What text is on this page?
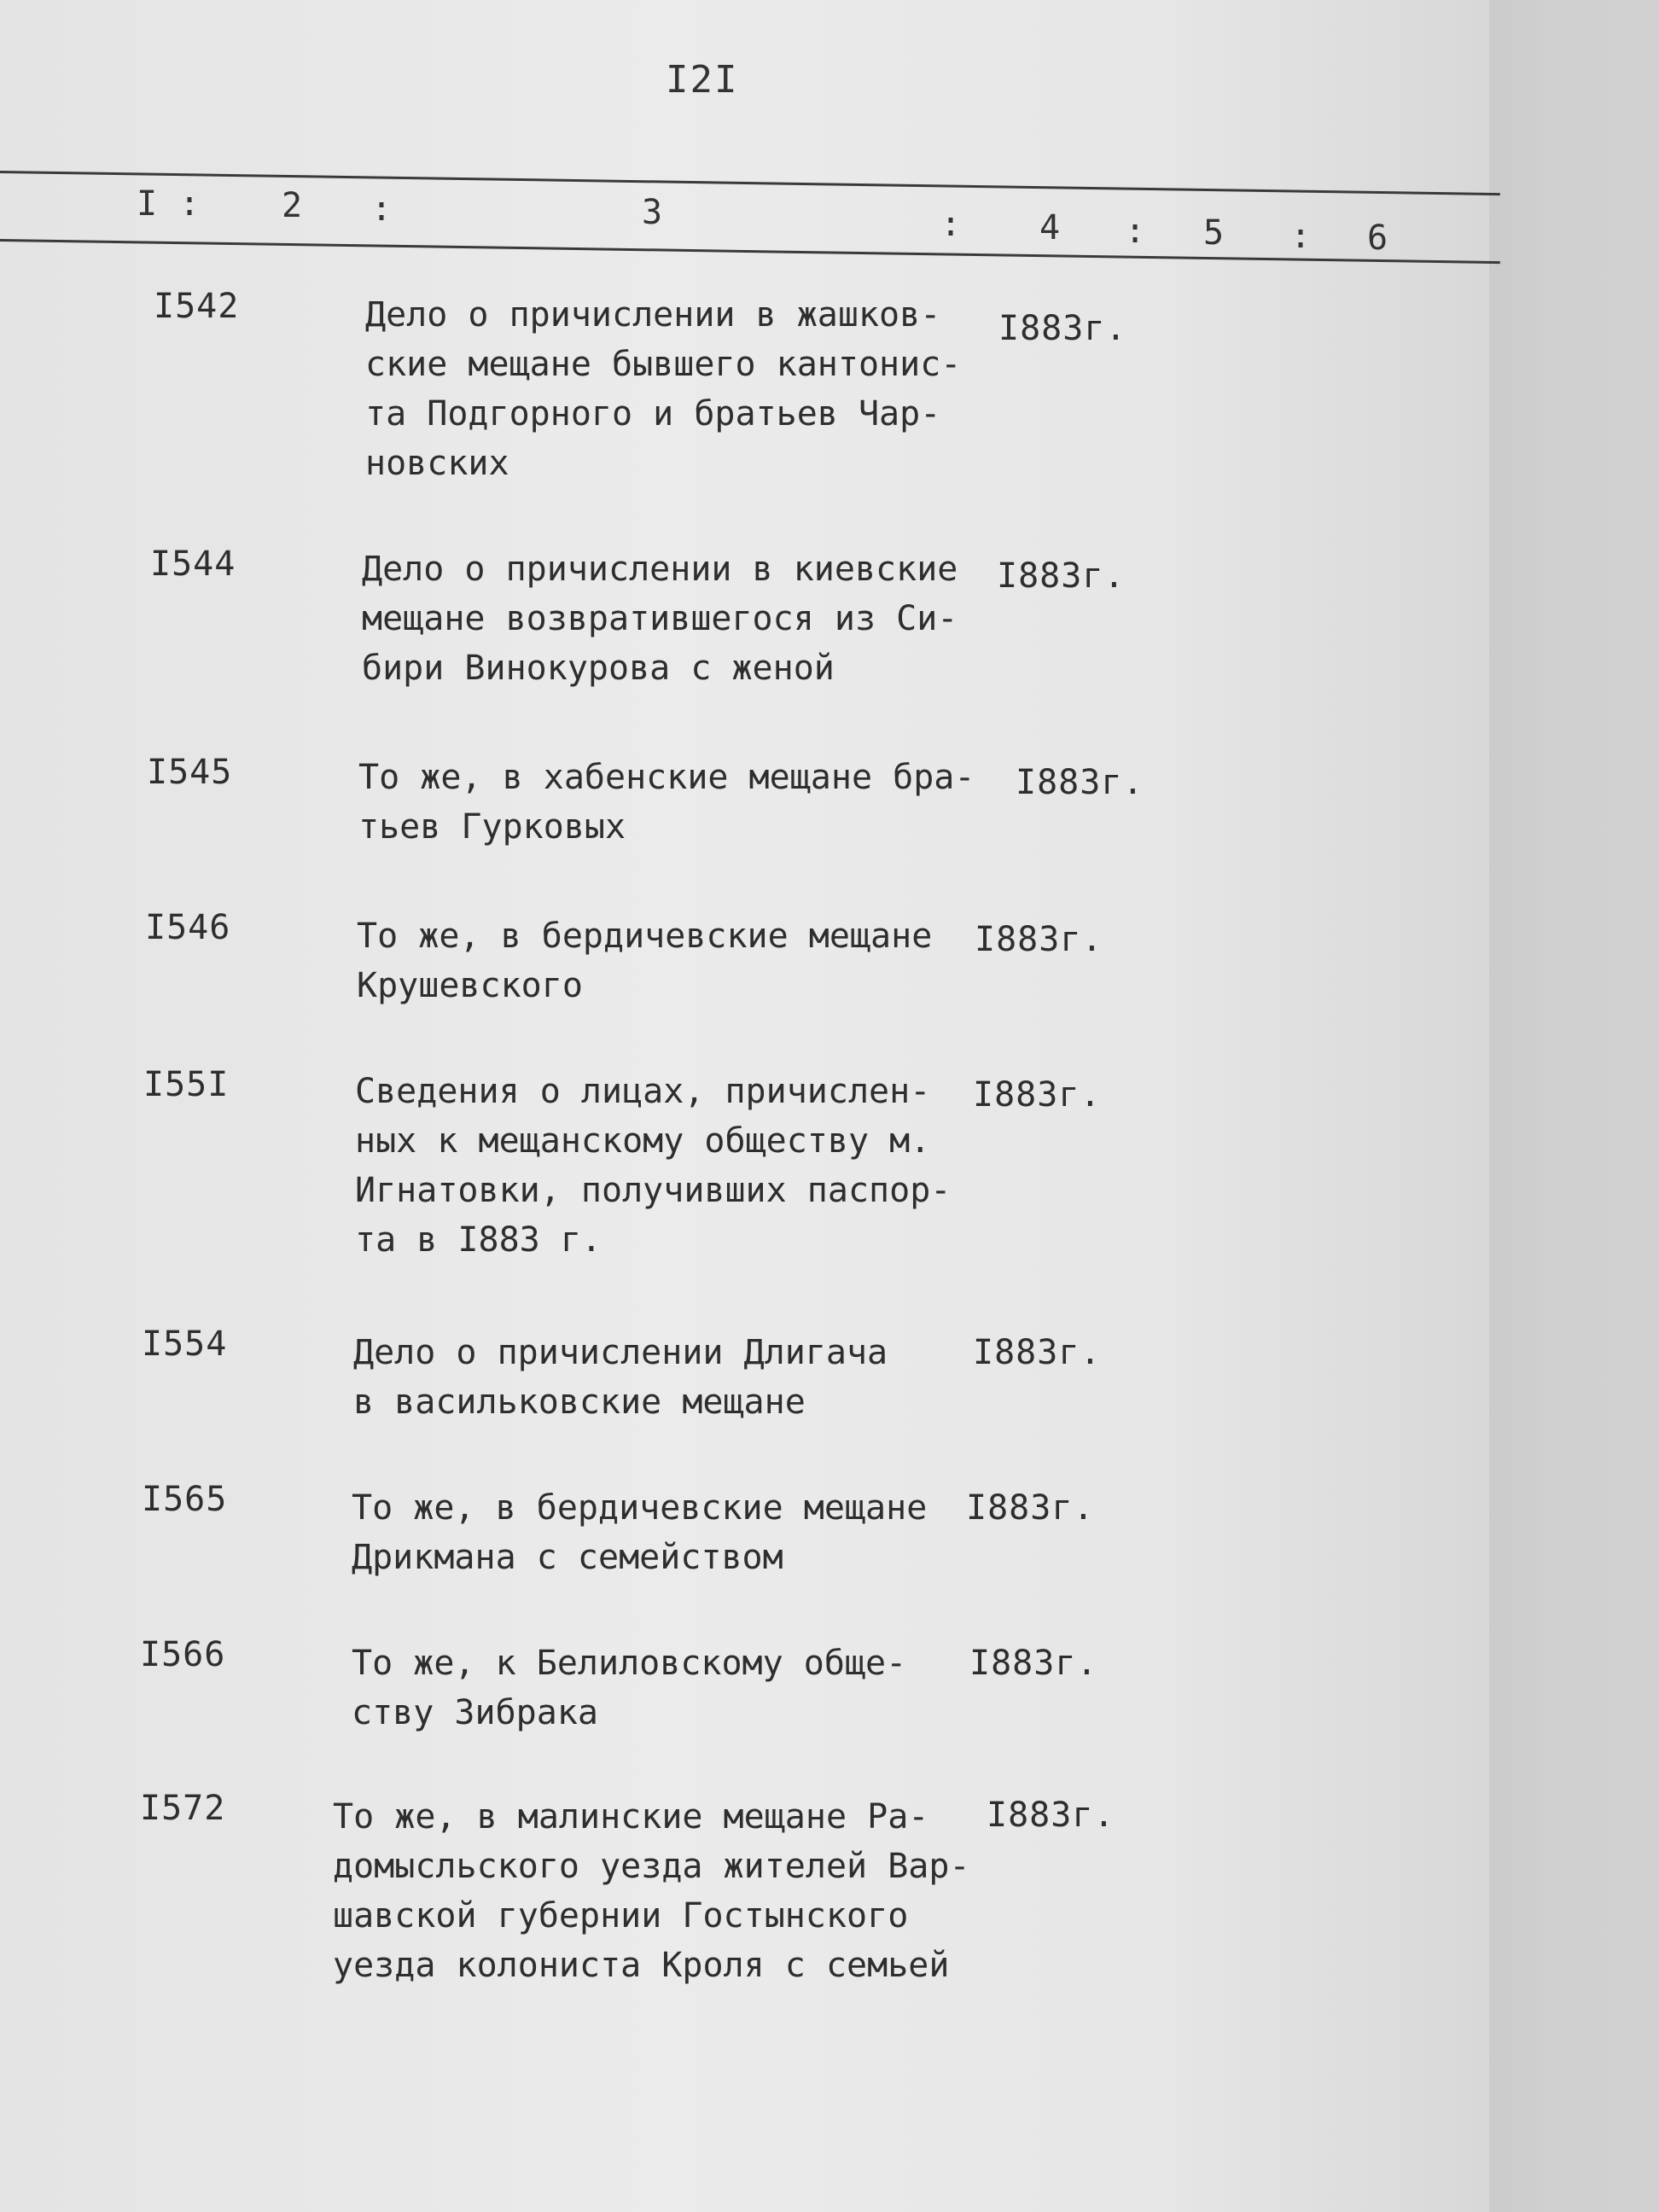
I2I
I : 2 :	3	: 4 : 5 : 6
I542	Дело о причислении в жашков-
ские мещане бывшего кантонис-
та Подгорного и братьев Чар-
новских
I883г.
I544	Дело о причислении в киевские
мещане возвратившегося из Си-
бири Винокурова с женой
I883г.
I545	То же, в хабенские мещане бра-
тьев Гурковых
I883г.
I546	То же, в бердичевские мещане
Крушевского
I883г.
I55I	Сведения о лицах, причислен-
ных к мещанскому обществу м.
Игнатовки, получивших паспор-
та в I883 г.
I883г.
I554	Дело о причислении Длигача
в васильковские мещане
I883г.
I565	То же, в бердичевские мещане
Дрикмана с семейством
I883г.
I566	То же, к Белиловскому обще-
ству Зибрака
I883г.
I572	То же, в малинские мещане Ра-
домысльского уезда жителей Вар-
шавской губернии Гостынского
уезда колониста Кроля с семьей
I883г.
